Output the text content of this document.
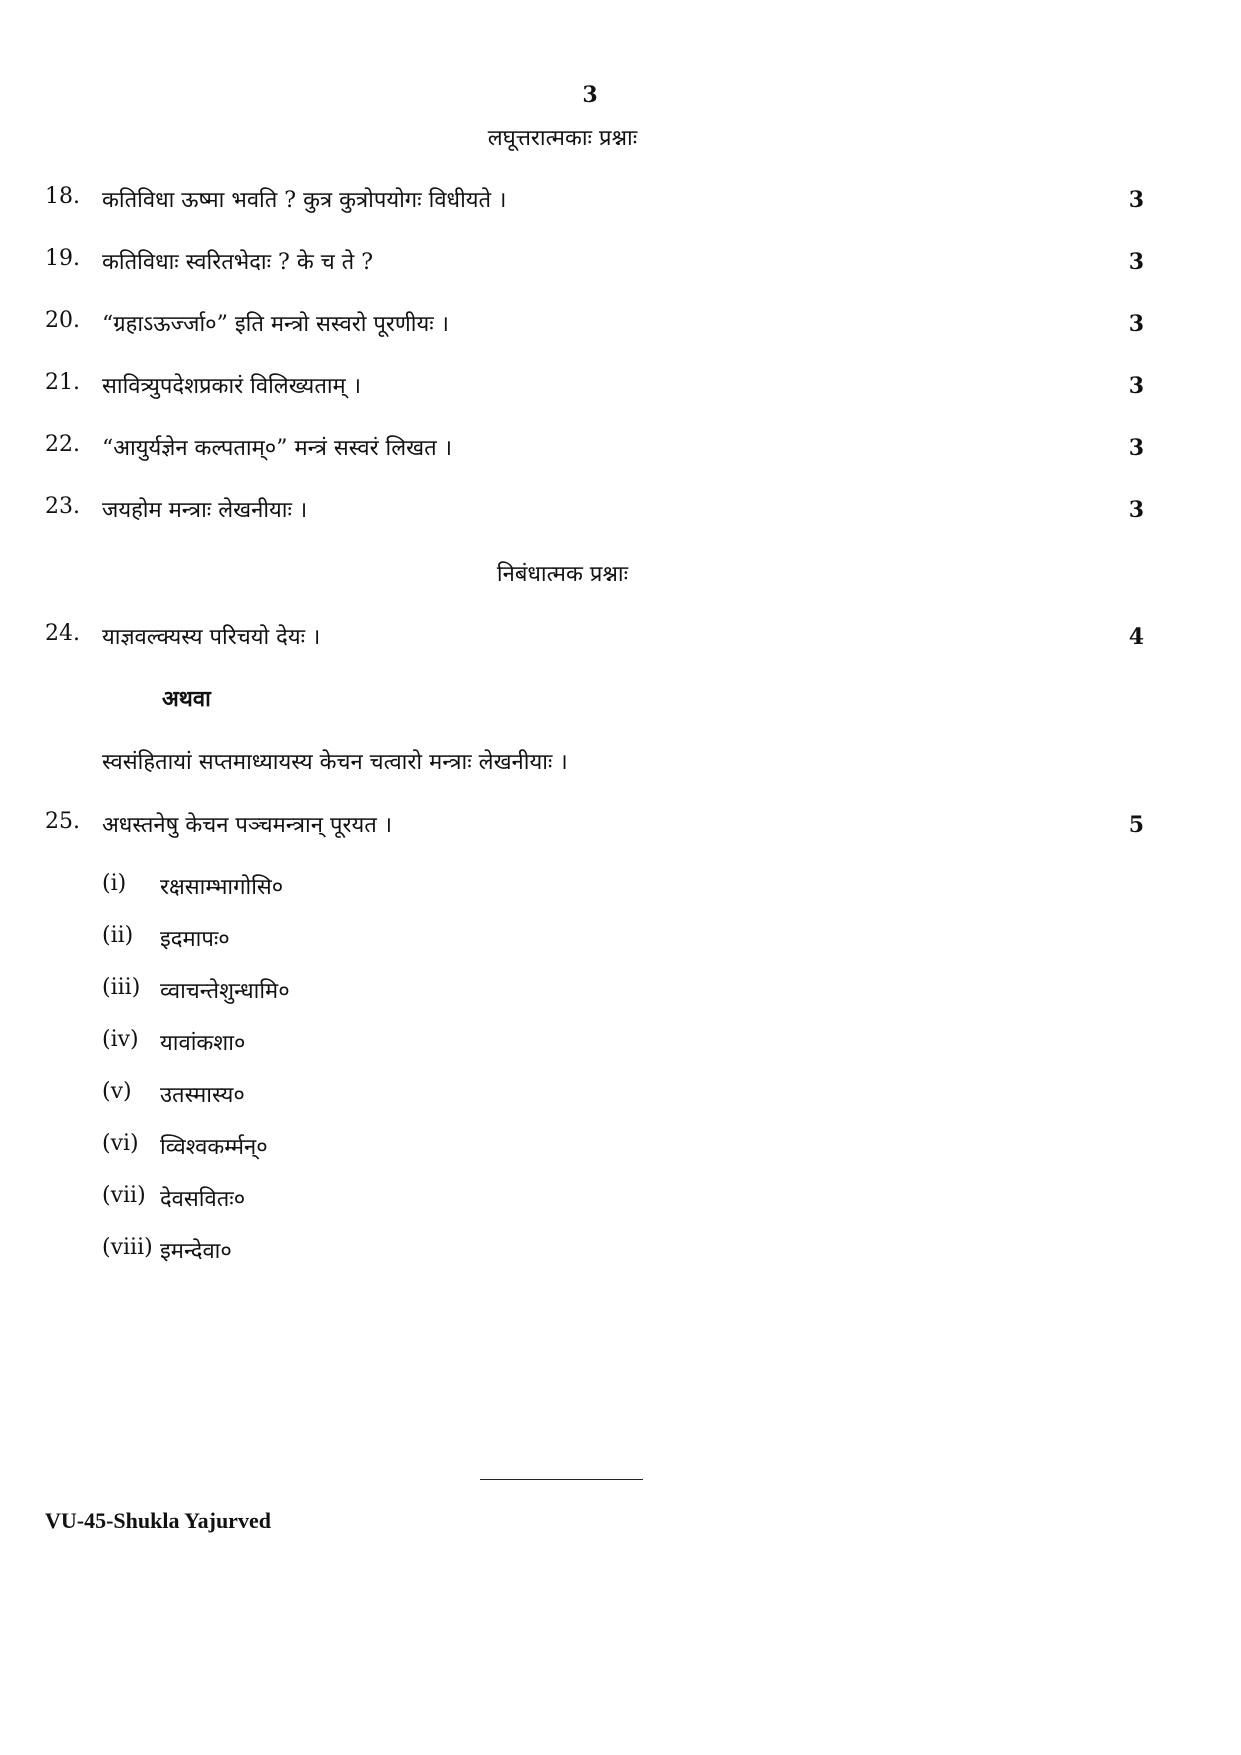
3
लघूत्तरात्मकाः प्रश्नाः
18. कतिविधा ऊष्मा भवति ? कुत्र कुत्रोपयोगः विधीयते ।	3
19. कतिविधाः स्वरितभेदाः ? के च ते ?	3
20. “ग्रहाऽऊर्ज्जा०” इति मन्त्रो सस्वरो पूरणीयः ।	3
21. सावित्र्युपदेशप्रकारं विलिख्यताम् ।	3
22. “आयुर्यज्ञेन कल्पताम्०” मन्त्रं सस्वरं लिखत ।	3
23. जयहोम मन्त्राः लेखनीयाः ।	3
निबंधात्मक प्रश्नाः
24. याज्ञवल्क्यस्य परिचयो देयः ।	4
अथवा
स्वसंहितायां सप्तमाध्यायस्य केचन चत्वारो मन्त्राः लेखनीयाः ।
25. अधस्तनेषु केचन पञ्चमन्त्रान् पूरयत ।	5
(i) रक्षसाम्भागोसि०
(ii) इदमापः०
(iii) व्वाचन्तेशुन्धामि०
(iv) यावांकशा०
(v) उतस्मास्य०
(vi) व्विश्वकर्म्मन्०
(vii) देवसवितः०
(viii) इमन्देवा०
VU-45-Shukla Yajurved
